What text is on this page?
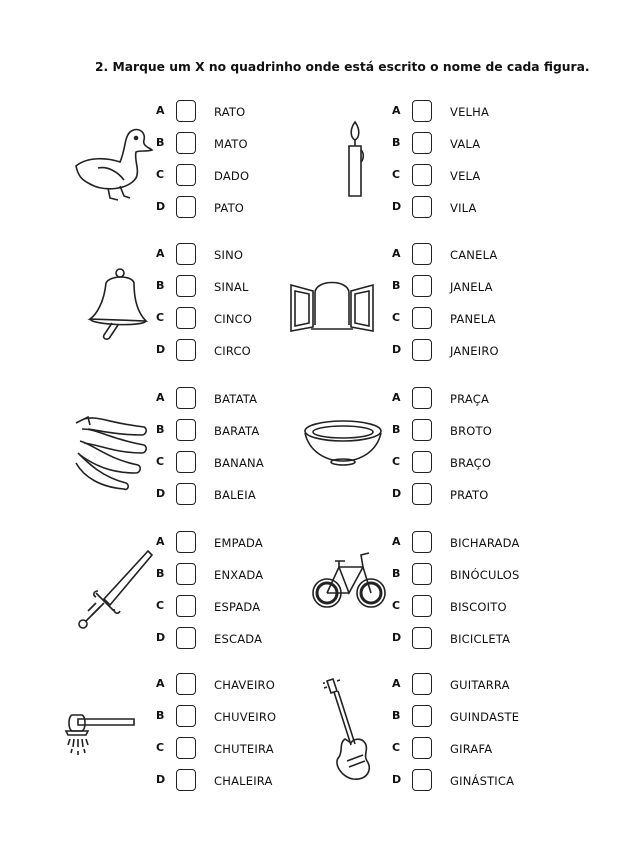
2. Marque um X no quadrinho onde está escrito o nome de cada figura.
A	RATO
B	MATO
C	DADO
D	PATO
A	VELHA
B	VALA
C	VELA
D	VILA
A	SINO
B	SINAL
C	CINCO
D	CIRCO
A	CANELA
B	JANELA
C	PANELA
D	JANEIRO
A	BATATA
B	BARATA
C	BANANA
D	BALEIA
A	PRAÇA
B	BROTO
C	BRAÇO
D	PRATO
A	EMPADA
B	ENXADA
C	ESPADA
D	ESCADA
A	BICHARADA
B	BINÓCULOS
C	BISCOITO
D	BICICLETA
A	CHAVEIRO
B	CHUVEIRO
C	CHUTEIRA
D	CHALEIRA
A	GUITARRA
B	GUINDASTE
C	GIRAFA
D	GINÁSTICA
